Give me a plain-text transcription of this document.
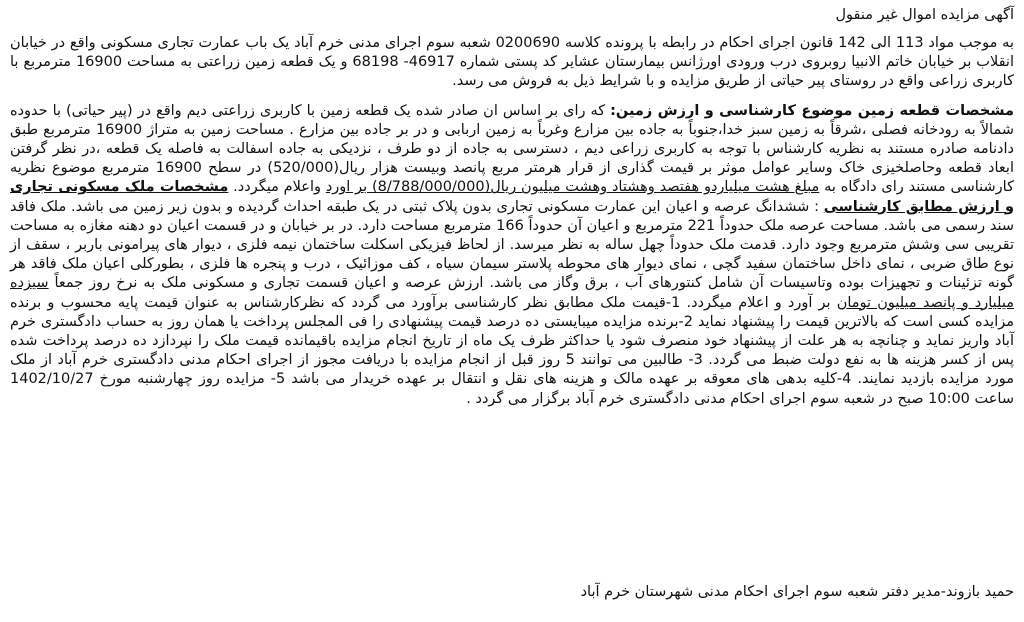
آگهی مزایده اموال غیر منقول

به موجب مواد 113 الی 142 قانون اجرای احکام در رابطه با پرونده کلاسه 0200690 شعبه سوم اجرای مدنی خرم آباد یک باب عمارت تجاری مسکونی واقع در خیابان انقلاب بر خیابان خاتم الانبیا روبروی درب ورودی اورژانس بیمارستان عشایر کد پستی شماره 46917- 68198 و یک قطعه زمین زراعتی به مساحت 16900 مترمربع با کاربری زراعی واقع در روستای پیر حیاتی از طریق مزایده و با شرایط ذیل به فروش می رسد.

مشخصات قطعه زمین موضوع کارشناسی و ارزش زمین: که رای بر اساس ان صادر شده یک قطعه زمین با کاربری زراعتی دیم واقع در (پیر حیاتی) با حدوده شمالاً به رودخانه فصلی ،شرقاً به زمین سبز خدا،جنوباً به جاده بین مزارع وغرباً به زمین اربابی و در بر جاده بین مزارع . مساحت زمین به متراژ 16900 مترمربع طبق دادنامه صادره مستند به نظریه کارشناس با توجه به کاربری زراعی دیم ، دسترسی به جاده از دو طرف ، نزدیکی به جاده اسفالت به فاصله یک قطعه ،در نظر گرفتن ابعاد قطعه وحاصلخیزی خاک وسایر عوامل موثر بر قیمت گذاری از قرار هرمتر مربع پانصد وبیست هزار ریال(520/000) در سطح 16900 مترمربع موضوع نظریه کارشناسی مستند رای دادگاه به مبلغ هشت میلیاردو هفتصد وهشتاد وهشت میلیون ریال(8/788/000/000) بر اورد واعلام میگردد. مشخصات ملک مسکونی تجاری و ارزش مطابق کارشناسی : ششدانگ عرصه و اعیان این عمارت مسکونی تجاری بدون پلاک ثبتی در یک طبقه احداث گردیده و بدون زیر زمین می باشد. ملک فاقد سند رسمی می باشد. مساحت عرصه ملک حدوداً 221 مترمربع و اعیان آن حدوداً 166 مترمربع مساحت دارد. در بر خیابان و در قسمت اعیان دو دهنه مغازه به مساحت تقریبی سی وشش مترمربع وجود دارد. قدمت ملک حدوداً چهل ساله به نظر میرسد. از لحاظ فیزیکی اسکلت ساختمان نیمه فلزی ، دیوار های پیرامونی باربر ، سقف از نوع طاق ضربی ، نمای داخل ساختمان سفید گچی ، نمای دیوار های محوطه پلاستر سیمان سیاه ، کف موزائیک ، درب و پنجره ها فلزی ، بطورکلی اعیان ملک فاقد هر گونه تزئینات و تجهیزات بوده وتاسیسات آن شامل کنتورهای آب ، برق وگاز می باشد. ارزش عرصه و اعیان قسمت تجاری و مسکونی ملک به نرخ روز جمعاً سیزده میلیارد و پانصد میلیون تومان بر آورد و اعلام میگردد. 1-قیمت ملک مطابق نظر کارشناسی برآورد می گردد که نظرکارشناس به عنوان قیمت پایه محسوب و برنده مزایده کسی است که بالاترین قیمت را پیشنهاد نماید 2-برنده مزایده میبایستی ده درصد قیمت پیشنهادی را فی المجلس پرداخت یا همان روز به حساب دادگستری خرم آباد واریز نماید و چنانچه به هر علت از پیشنهاد خود منصرف شود یا حداکثر ظرف یک ماه از تاریخ انجام مزایده باقیمانده قیمت ملک را نپردازد ده درصد پرداخت شده پس از کسر هزینه ها به نفع دولت ضبط می گردد. 3- طالبین می توانند 5 روز قبل از انجام مزایده با دریافت مجوز از اجرای احکام مدنی دادگستری خرم آباد از ملک مورد مزایده بازدید نمایند. 4-کلیه بدهی های معوقه بر عهده مالک و هزینه های نقل و انتقال بر عهده خریدار می باشد 5- مزایده روز چهارشنبه مورخ 1402/10/27 ساعت 10:00 صبح در شعبه سوم اجرای احکام مدنی دادگستری خرم آباد برگزار می گردد .

حمید بازوند-مدیر دفتر شعبه سوم اجرای احکام مدنی شهرستان خرم آباد
